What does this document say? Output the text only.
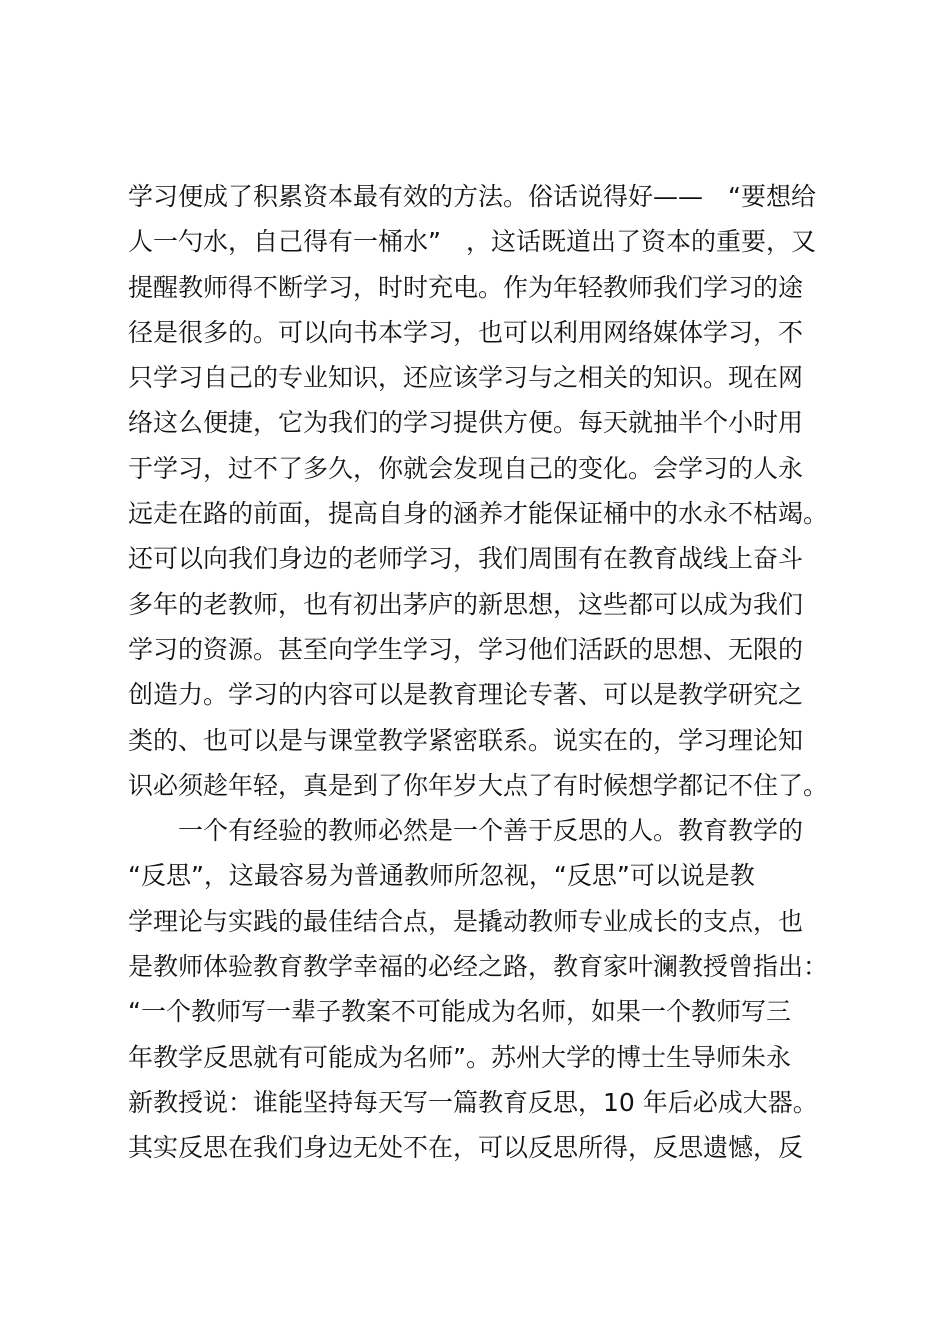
学习便成了积累资本最有效的方法。俗话说得好——　“要想给
人一勺水，自己得有一桶水”　，这话既道出了资本的重要，又
提醒教师得不断学习，时时充电。作为年轻教师我们学习的途
径是很多的。可以向书本学习，也可以利用网络媒体学习，不
只学习自己的专业知识，还应该学习与之相关的知识。现在网
络这么便捷，它为我们的学习提供方便。每天就抽半个小时用
于学习，过不了多久，你就会发现自己的变化。会学习的人永
远走在路的前面，提高自身的涵养才能保证桶中的水永不枯竭。
还可以向我们身边的老师学习，我们周围有在教育战线上奋斗
多年的老教师，也有初出茅庐的新思想，这些都可以成为我们
学习的资源。甚至向学生学习，学习他们活跃的思想、无限的
创造力。学习的内容可以是教育理论专著、可以是教学研究之
类的、也可以是与课堂教学紧密联系。说实在的，学习理论知
识必须趁年轻，真是到了你年岁大点了有时候想学都记不住了。
一个有经验的教师必然是一个善于反思的人。教育教学的
“反思”，这最容易为普通教师所忽视，“反思”可以说是教
学理论与实践的最佳结合点，是撬动教师专业成长的支点，也
是教师体验教育教学幸福的必经之路，教育家叶澜教授曾指出：
“一个教师写一辈子教案不可能成为名师，如果一个教师写三
年教学反思就有可能成为名师”。苏州大学的博士生导师朱永
新教授说：谁能坚持每天写一篇教育反思，10 年后必成大器。
其实反思在我们身边无处不在，可以反思所得，反思遗憾，反
